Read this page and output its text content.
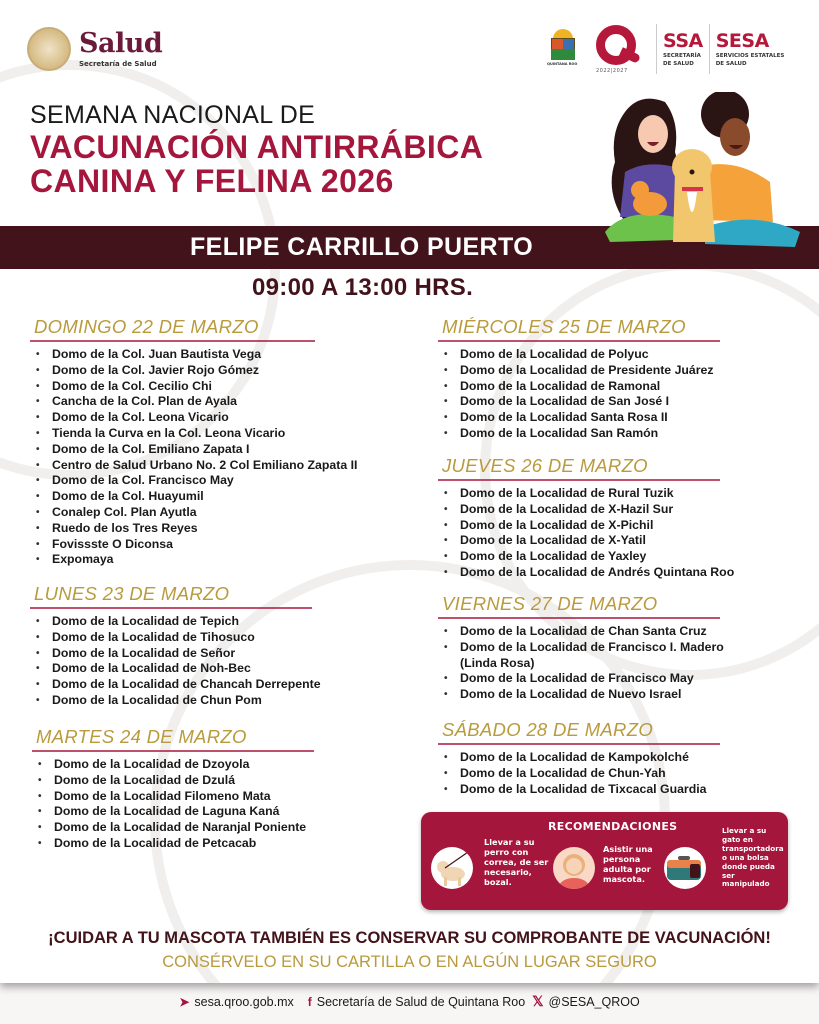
Salud
Secretaría de Salud	QUINTANA ROO
2022|2027
SSA
SECRETARÍA
DE SALUD
SESA
SERVICIOS ESTATALES
DE SALUD
SEMANA NACIONAL DE
VACUNACIÓN ANTIRRÁBICA
CANINA Y FELINA 2026
FELIPE CARRILLO PUERTO
09:00 A 13:00 HRS.
DOMINGO 22 DE MARZO
• Domo de la Col. Juan Bautista Vega
• Domo de la Col. Javier Rojo Gómez
• Domo de la Col. Cecilio Chi
• Cancha de la Col. Plan de Ayala
• Domo de la Col. Leona Vicario
• Tienda la Curva en la Col. Leona Vicario
• Domo de la Col. Emiliano Zapata I
• Centro de Salud Urbano No. 2 Col Emiliano Zapata II
• Domo de la Col. Francisco May
• Domo de la Col. Huayumil
• Conalep Col. Plan Ayutla
• Ruedo de los Tres Reyes
• Fovissste O Diconsa
• Expomaya
LUNES 23 DE MARZO
• Domo de la Localidad de Tepich
• Domo de la Localidad de Tihosuco
• Domo de la Localidad de Señor
• Domo de la Localidad de Noh-Bec
• Domo de la Localidad de Chancah Derrepente
• Domo de la Localidad de Chun Pom
MARTES 24 DE MARZO
• Domo de la Localidad de Dzoyola
• Domo de la Localidad de Dzulá
• Domo de la Localidad Filomeno Mata
• Domo de la Localidad de Laguna Kaná
• Domo de la Localidad de Naranjal Poniente
• Domo de la Localidad de Petcacab
MIÉRCOLES 25 DE MARZO
• Domo de la Localidad de Polyuc
• Domo de la Localidad de Presidente Juárez
• Domo de la Localidad de Ramonal
• Domo de la Localidad de San José I
• Domo de la Localidad Santa Rosa II
• Domo de la Localidad San Ramón
JUEVES 26 DE MARZO
• Domo de la Localidad de Rural Tuzik
• Domo de la Localidad de X-Hazil Sur
• Domo de la Localidad de X-Pichil
• Domo de la Localidad de X-Yatil
• Domo de la Localidad de Yaxley
• Domo de la Localidad de Andrés Quintana Roo
VIERNES 27 DE MARZO
• Domo de la Localidad de Chan Santa Cruz
• Domo de la Localidad de Francisco I. Madero (Linda Rosa)
• Domo de la Localidad de Francisco May
• Domo de la Localidad de Nuevo Israel
SÁBADO 28 DE MARZO
• Domo de la Localidad de Kampokolché
• Domo de la Localidad de Chun-Yah
• Domo de la Localidad de Tixcacal Guardia
RECOMENDACIONES
Llevar a su
perro con
correa, de ser
necesario,
bozal.
Asistir una
persona
adulta por
mascota.
Llevar a su
gato en
transportadora
o una bolsa
donde pueda
ser
manipulado
¡CUIDAR A TU MASCOTA TAMBIÉN ES CONSERVAR SU COMPROBANTE DE VACUNACIÓN!
CONSÉRVELO EN SU CARTILLA O EN ALGÚN LUGAR SEGURO
➤ sesa.qroo.gob.mx f Secretaría de Salud de Quintana Roo 𝕏 @SESA_QROO
